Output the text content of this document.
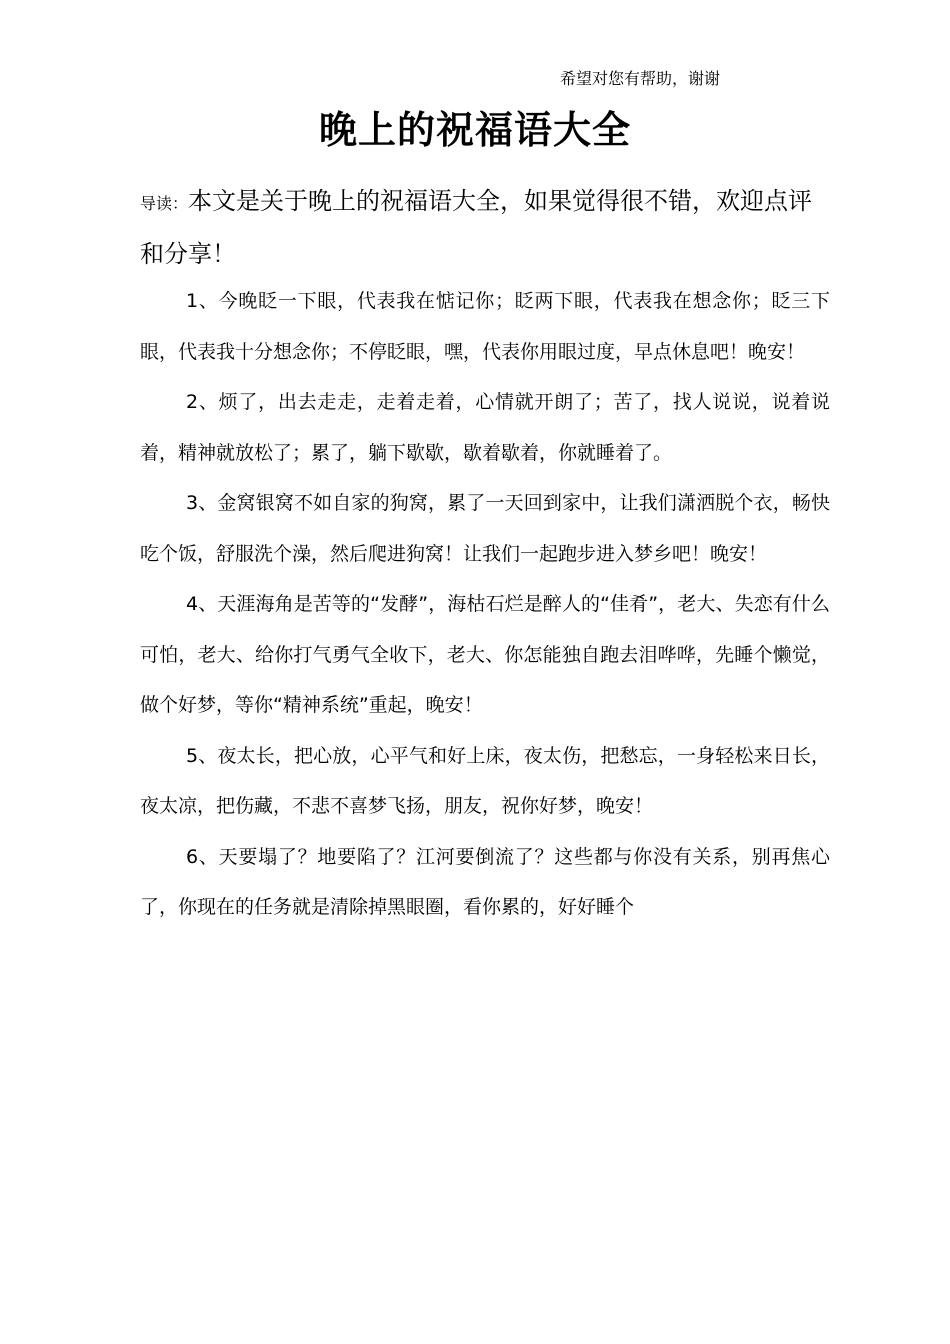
希望对您有帮助，谢谢
晚上的祝福语大全
导读：本文是关于晚上的祝福语大全，如果觉得很不错，欢迎点评和分享！

1、今晚眨一下眼，代表我在惦记你；眨两下眼，代表我在想念你；眨三下眼，代表我十分想念你；不停眨眼，嘿，代表你用眼过度，早点休息吧！晚安！

2、烦了，出去走走，走着走着，心情就开朗了；苦了，找人说说，说着说着，精神就放松了；累了，躺下歇歇，歇着歇着，你就睡着了。

3、金窝银窝不如自家的狗窝，累了一天回到家中，让我们潇洒脱个衣，畅快吃个饭，舒服洗个澡，然后爬进狗窝！让我们一起跑步进入梦乡吧！晚安！

4、天涯海角是苦等的“发酵”，海枯石烂是醉人的“佳肴”，老大、失恋有什么可怕，老大、给你打气勇气全收下，老大、你怎能独自跑去泪哗哗，先睡个懒觉，做个好梦，等你“精神系统”重起，晚安！

5、夜太长，把心放，心平气和好上床，夜太伤，把愁忘，一身轻松来日长，夜太凉，把伤藏，不悲不喜梦飞扬，朋友，祝你好梦，晚安！

6、天要塌了？地要陷了？江河要倒流了？这些都与你没有关系，别再焦心了，你现在的任务就是清除掉黑眼圈，看你累的，好好睡个
